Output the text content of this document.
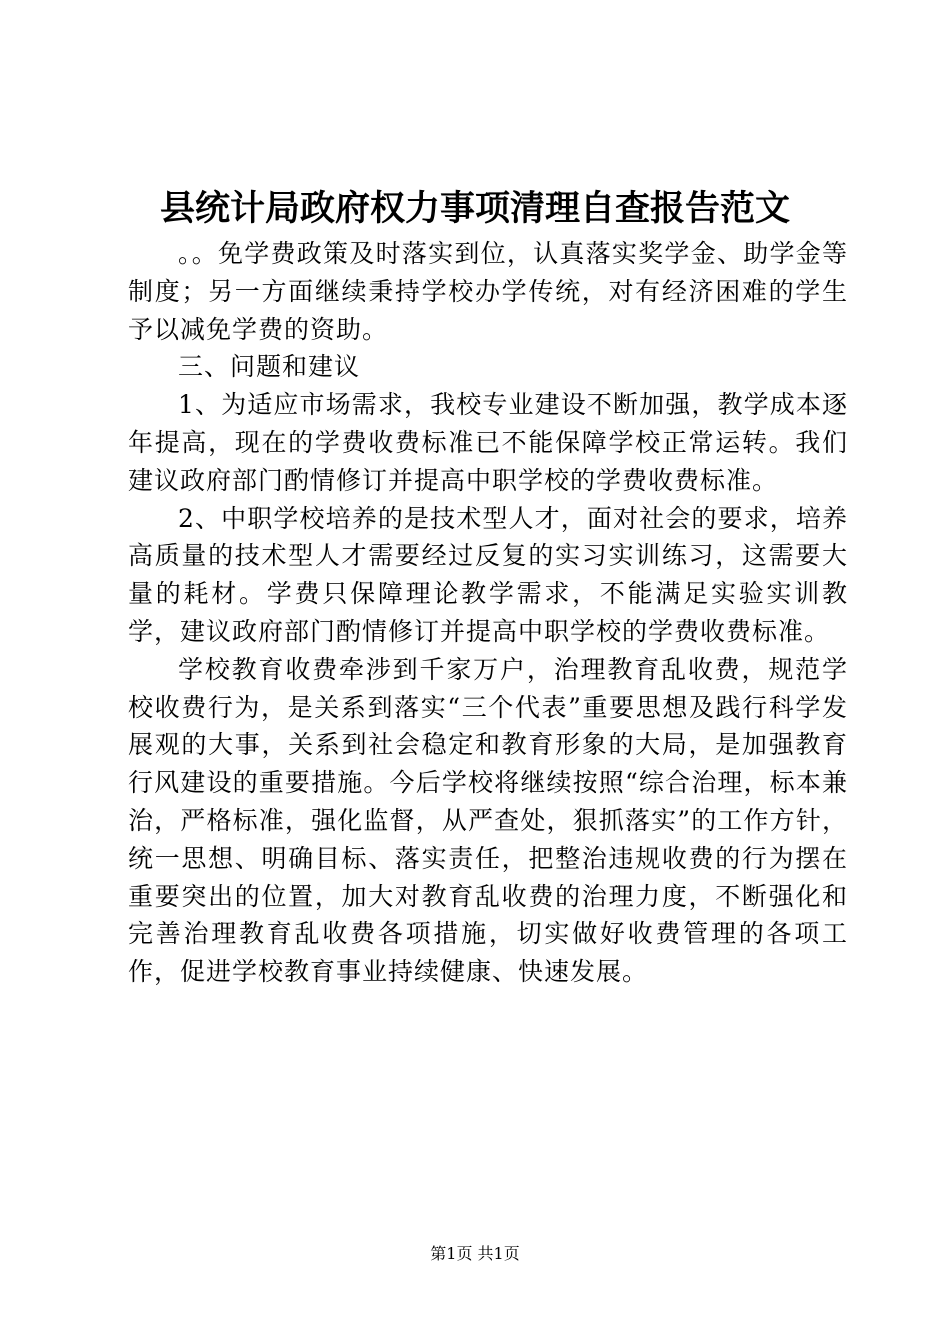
县统计局政府权力事项清理自查报告范文

。。免学费政策及时落实到位，认真落实奖学金、助学金等制度；另一方面继续秉持学校办学传统，对有经济困难的学生予以减免学费的资助。

三、问题和建议

1、为适应市场需求，我校专业建设不断加强，教学成本逐年提高，现在的学费收费标准已不能保障学校正常运转。我们建议政府部门酌情修订并提高中职学校的学费收费标准。

2、中职学校培养的是技术型人才，面对社会的要求，培养高质量的技术型人才需要经过反复的实习实训练习，这需要大量的耗材。学费只保障理论教学需求，不能满足实验实训教学，建议政府部门酌情修订并提高中职学校的学费收费标准。

学校教育收费牵涉到千家万户，治理教育乱收费，规范学校收费行为，是关系到落实“三个代表”重要思想及践行科学发展观的大事，关系到社会稳定和教育形象的大局，是加强教育行风建设的重要措施。今后学校将继续按照“综合治理，标本兼治，严格标准，强化监督，从严查处，狠抓落实”的工作方针，统一思想、明确目标、落实责任，把整治违规收费的行为摆在重要突出的位置，加大对教育乱收费的治理力度，不断强化和完善治理教育乱收费各项措施，切实做好收费管理的各项工作，促进学校教育事业持续健康、快速发展。

第1页 共1页
